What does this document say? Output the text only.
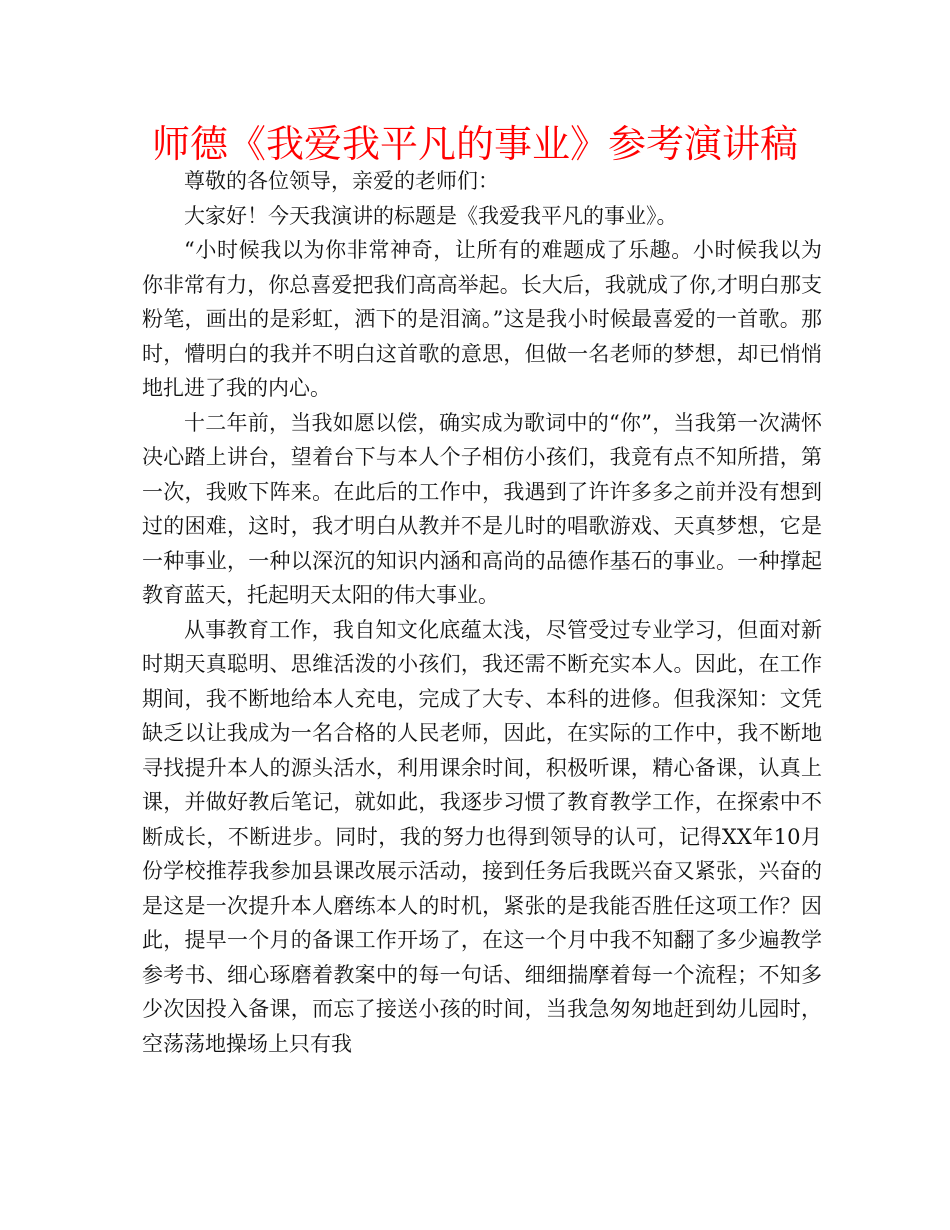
师德《我爱我平凡的事业》参考演讲稿

尊敬的各位领导，亲爱的老师们：

大家好！今天我演讲的标题是《我爱我平凡的事业》。

“小时候我以为你非常神奇，让所有的难题成了乐趣。小时候我以为你非常有力，你总喜爱把我们高高举起。长大后，我就成了你,才明白那支粉笔，画出的是彩虹，洒下的是泪滴。”这是我小时候最喜爱的一首歌。那时，懵明白的我并不明白这首歌的意思，但做一名老师的梦想，却已悄悄地扎进了我的内心。

十二年前，当我如愿以偿，确实成为歌词中的“你”，当我第一次满怀决心踏上讲台，望着台下与本人个子相仿小孩们，我竟有点不知所措，第一次，我败下阵来。在此后的工作中，我遇到了许许多多之前并没有想到过的困难，这时，我才明白从教并不是儿时的唱歌游戏、天真梦想，它是一种事业，一种以深沉的知识内涵和高尚的品德作基石的事业。一种撑起教育蓝天，托起明天太阳的伟大事业。

从事教育工作，我自知文化底蕴太浅，尽管受过专业学习，但面对新时期天真聪明、思维活泼的小孩们，我还需不断充实本人。因此，在工作期间，我不断地给本人充电，完成了大专、本科的进修。但我深知：文凭缺乏以让我成为一名合格的人民老师，因此，在实际的工作中，我不断地寻找提升本人的源头活水，利用课余时间，积极听课，精心备课，认真上课，并做好教后笔记，就如此，我逐步习惯了教育教学工作，在探索中不断成长，不断进步。同时，我的努力也得到领导的认可，记得XX年10月份学校推荐我参加县课改展示活动，接到任务后我既兴奋又紧张，兴奋的是这是一次提升本人磨练本人的时机，紧张的是我能否胜任这项工作？因此，提早一个月的备课工作开场了，在这一个月中我不知翻了多少遍教学参考书、细心琢磨着教案中的每一句话、细细揣摩着每一个流程；不知多少次因投入备课，而忘了接送小孩的时间，当我急匆匆地赶到幼儿园时，空荡荡地操场上只有我
